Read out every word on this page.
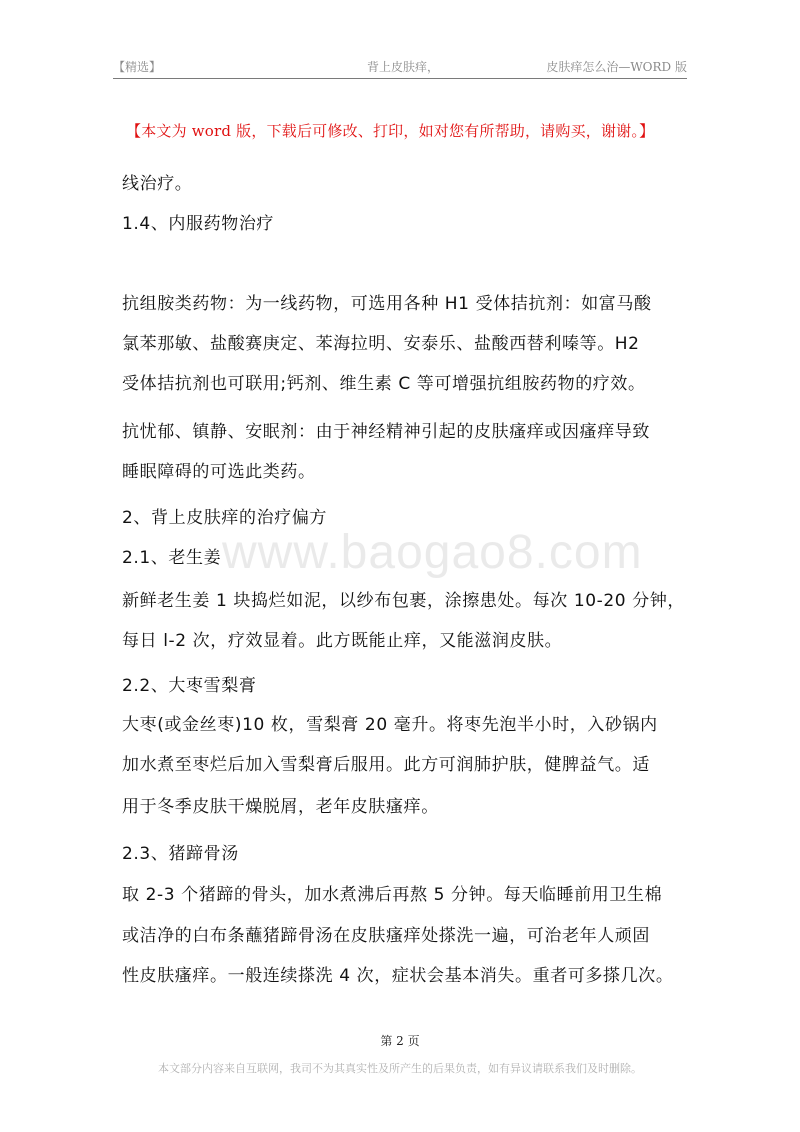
【精选】	背上皮肤痒，	皮肤痒怎么治—WORD 版
【本文为 word 版，下载后可修改、打印，如对您有所帮助，请购买，谢谢。】
www.baogao8.com
线治疗。
1.4、内服药物治疗
抗组胺类药物：为一线药物，可选用各种 H1 受体拮抗剂：如富马酸
氯苯那敏、盐酸赛庚定、苯海拉明、安泰乐、盐酸西替利嗪等。H2
受体拮抗剂也可联用;钙剂、维生素 C 等可增强抗组胺药物的疗效。
抗忧郁、镇静、安眠剂：由于神经精神引起的皮肤瘙痒或因瘙痒导致
睡眠障碍的可选此类药。
2、背上皮肤痒的治疗偏方
2.1、老生姜
新鲜老生姜 1 块捣烂如泥，以纱布包裹，涂擦患处。每次 10-20 分钟，
每日 l-2 次，疗效显着。此方既能止痒，又能滋润皮肤。
2.2、大枣雪梨膏
大枣(或金丝枣)10 枚，雪梨膏 20 毫升。将枣先泡半小时，入砂锅内
加水煮至枣烂后加入雪梨膏后服用。此方可润肺护肤，健脾益气。适
用于冬季皮肤干燥脱屑，老年皮肤瘙痒。
2.3、猪蹄骨汤
取 2-3 个猪蹄的骨头，加水煮沸后再熬 5 分钟。每天临睡前用卫生棉
或洁净的白布条蘸猪蹄骨汤在皮肤瘙痒处搽洗一遍，可治老年人顽固
性皮肤瘙痒。一般连续搽洗 4 次，症状会基本消失。重者可多搽几次。
第 2 页
本文部分内容来自互联网，我司不为其真实性及所产生的后果负责，如有异议请联系我们及时删除。
